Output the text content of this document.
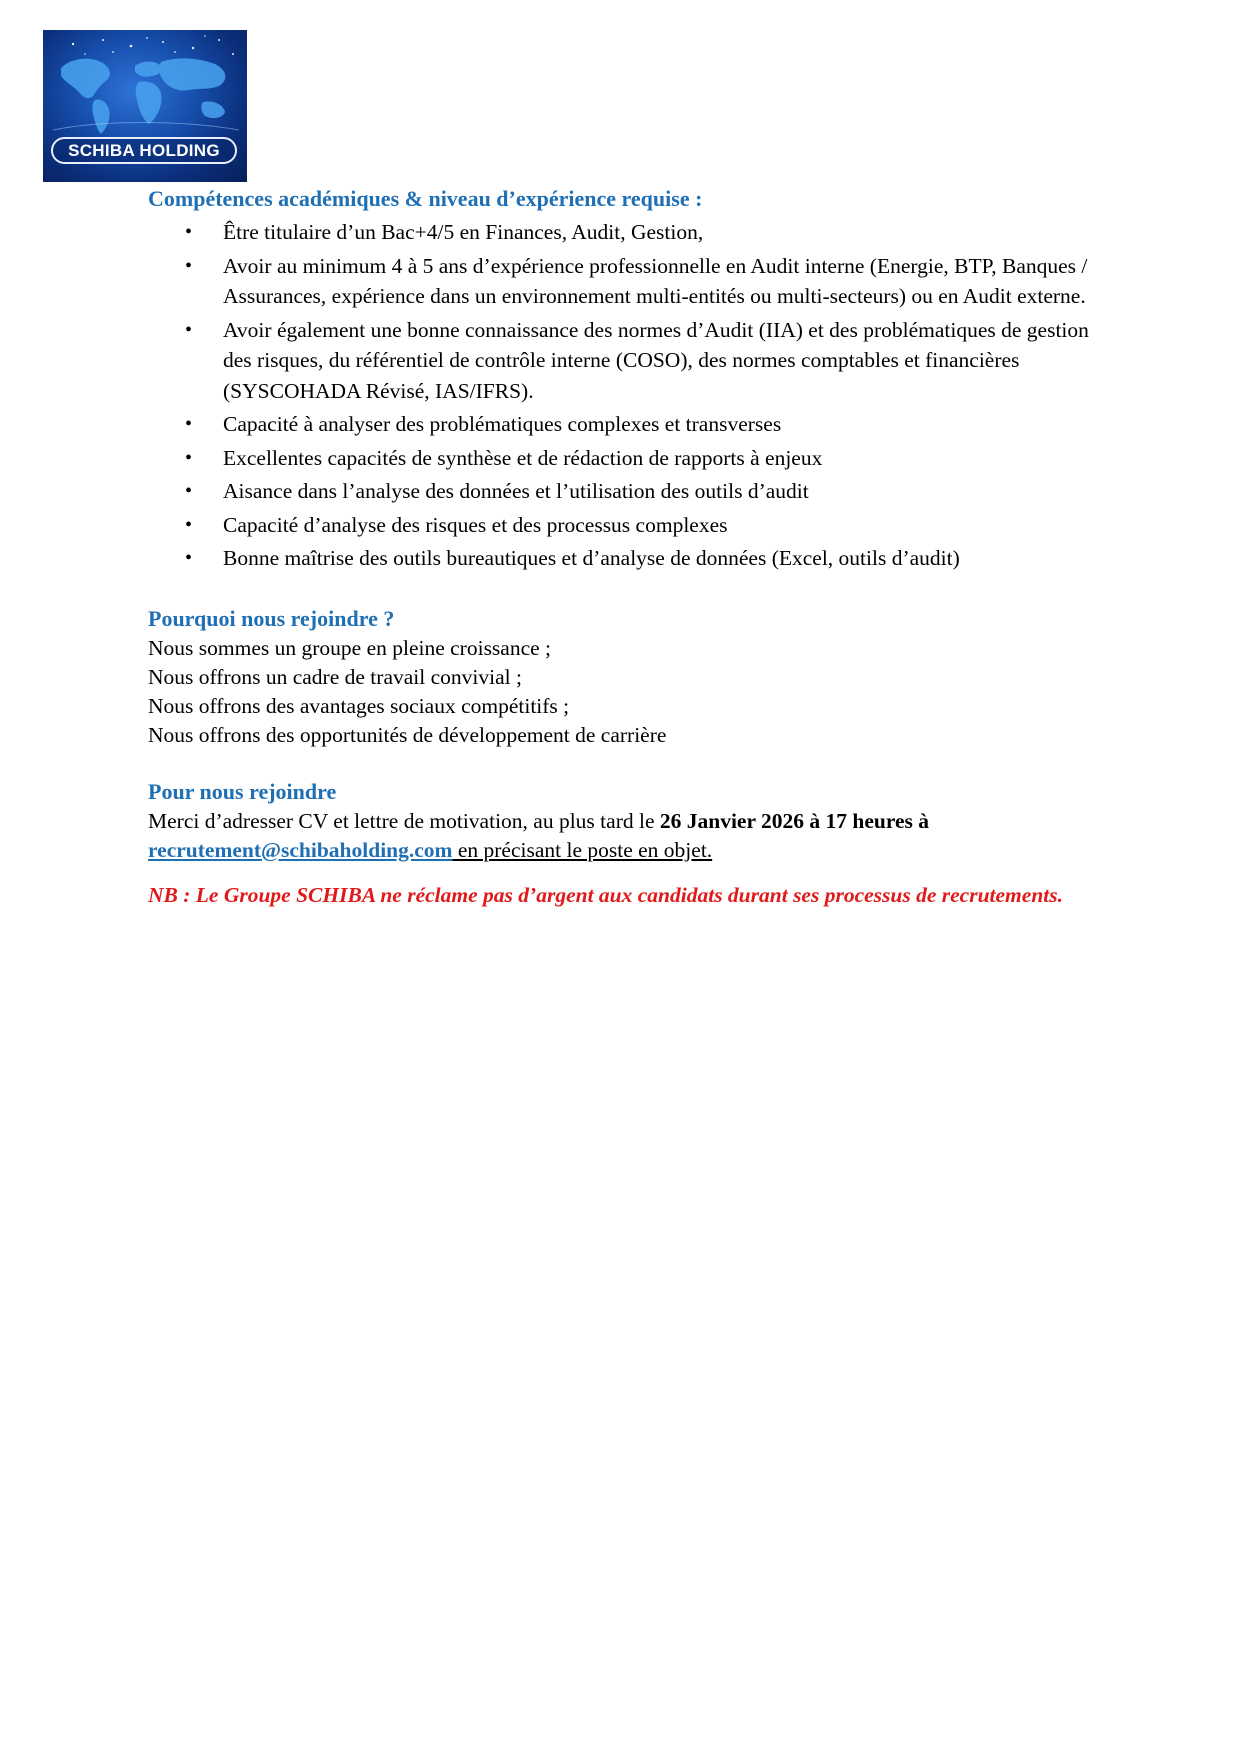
SCHIBA HOLDING

Compétences académiques & niveau d’expérience requise :

• Être titulaire d’un Bac+4/5 en Finances, Audit, Gestion,
• Avoir au minimum 4 à 5 ans d’expérience professionnelle en Audit interne (Energie, BTP, Banques / Assurances, expérience dans un environnement multi-entités ou multi-secteurs) ou en Audit externe.
• Avoir également une bonne connaissance des normes d’Audit (IIA) et des problématiques de gestion des risques, du référentiel de contrôle interne (COSO), des normes comptables et financières (SYSCOHADA Révisé, IAS/IFRS).
• Capacité à analyser des problématiques complexes et transverses
• Excellentes capacités de synthèse et de rédaction de rapports à enjeux
• Aisance dans l’analyse des données et l’utilisation des outils d’audit
• Capacité d’analyse des risques et des processus complexes
• Bonne maîtrise des outils bureautiques et d’analyse de données (Excel, outils d’audit)

Pourquoi nous rejoindre ?

Nous sommes un groupe en pleine croissance ;

Nous offrons un cadre de travail convivial ;

Nous offrons des avantages sociaux compétitifs ;

Nous offrons des opportunités de développement de carrière

Pour nous rejoindre

Merci d’adresser CV et lettre de motivation, au plus tard le 26 Janvier 2026 à 17 heures à

recrutement@schibaholding.com en précisant le poste en objet.

NB : Le Groupe SCHIBA ne réclame pas d’argent aux candidats durant ses processus de recrutements.
